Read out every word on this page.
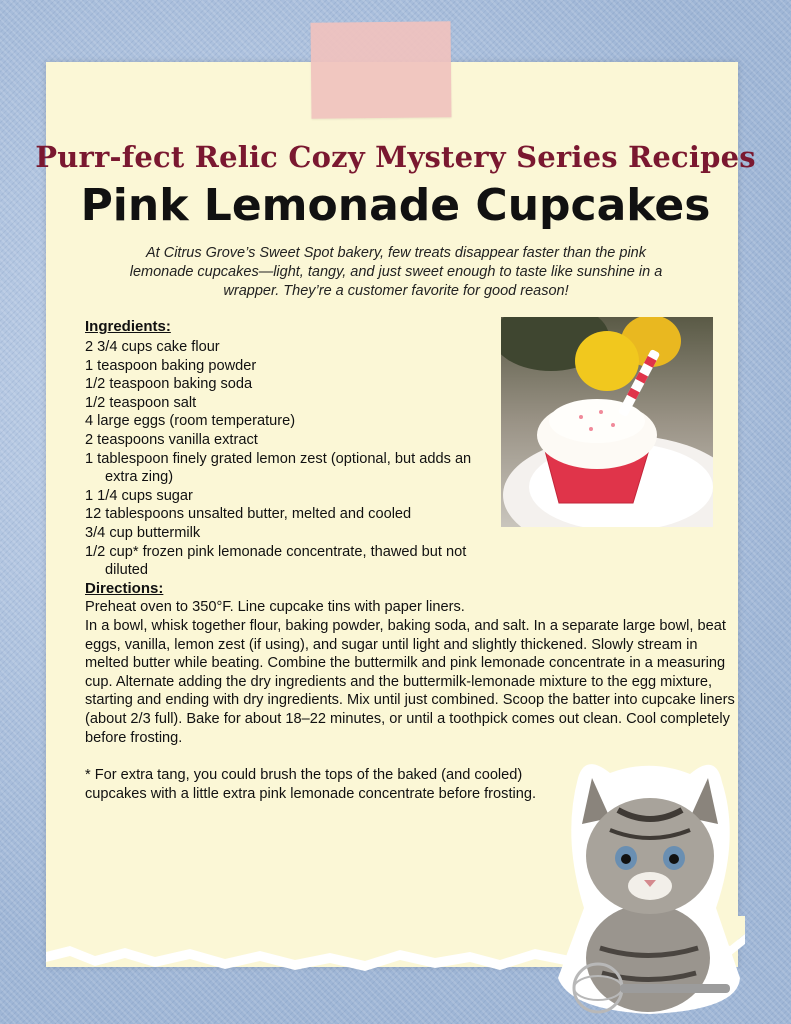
Purr-fect Relic Cozy Mystery Series Recipes
Pink Lemonade Cupcakes

At Citrus Grove’s Sweet Spot bakery, few treats disappear faster than the pink lemonade cupcakes—light, tangy, and just sweet enough to taste like sunshine in a wrapper. They’re a customer favorite for good reason!

Ingredients:
2 3/4 cups cake flour
1 teaspoon baking powder
1/2 teaspoon baking soda
1/2 teaspoon salt
4 large eggs (room temperature)
2 teaspoons vanilla extract
1 tablespoon finely grated lemon zest (optional, but adds an extra zing)
1 1/4 cups sugar
12 tablespoons unsalted butter, melted and cooled
3/4 cup buttermilk
1/2 cup* frozen pink lemonade concentrate, thawed but not diluted
Directions:

Preheat oven to 350°F. Line cupcake tins with paper liners.

In a bowl, whisk together flour, baking powder, baking soda, and salt. In a separate large bowl, beat eggs, vanilla, lemon zest (if using), and sugar until light and slightly thickened. Slowly stream in melted butter while beating. Combine the buttermilk and pink lemonade concentrate in a measuring cup. Alternate adding the dry ingredients and the buttermilk-lemonade mixture to the egg mixture, starting and ending with dry ingredients. Mix until just combined. Scoop the batter into cupcake liners (about 2/3 full). Bake for about 18–22 minutes, or until a toothpick comes out clean. Cool completely before frosting.

* For extra tang, you could brush the tops of the baked (and cooled) cupcakes with a little extra pink lemonade concentrate before frosting.
